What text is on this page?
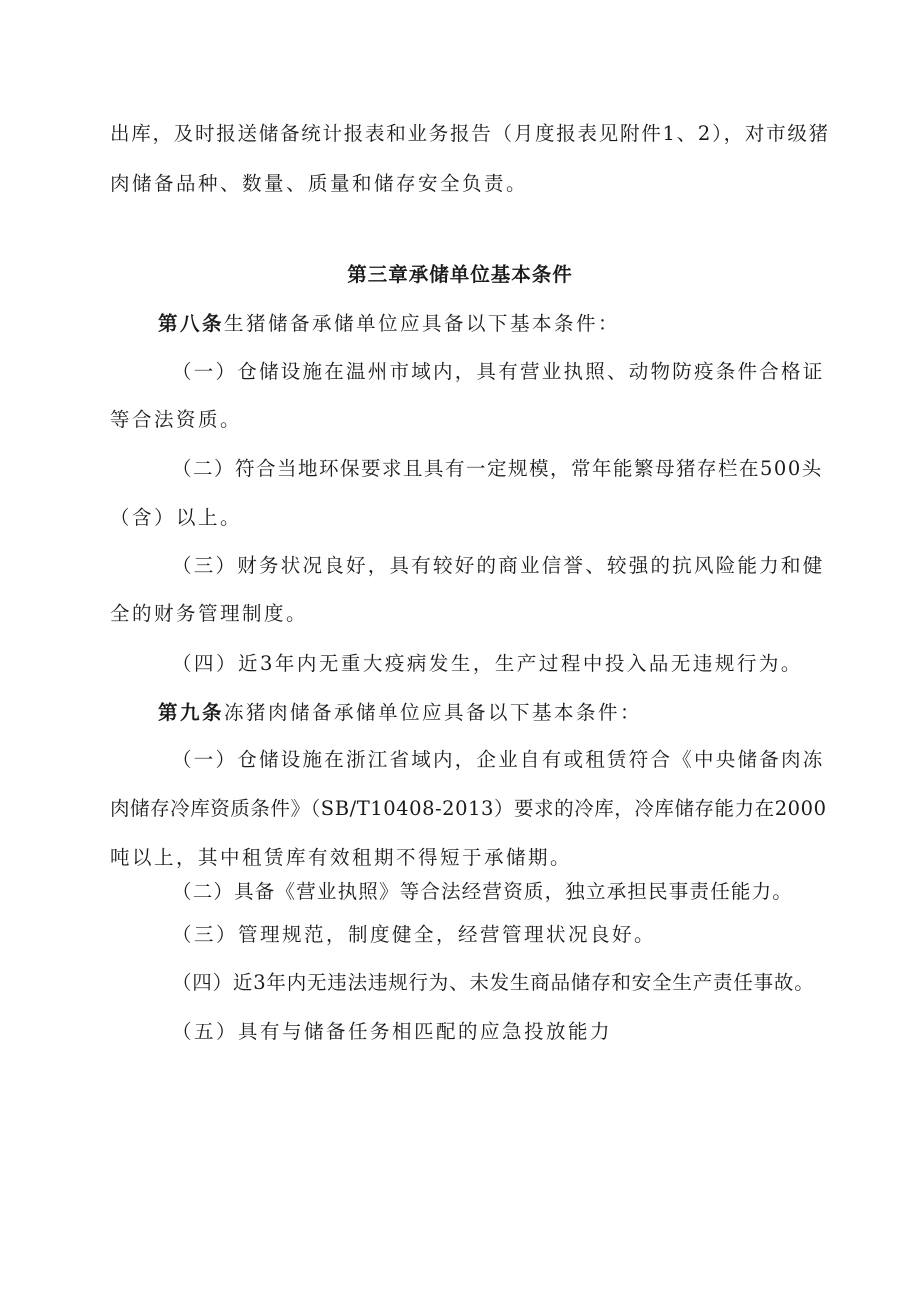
出库，及时报送储备统计报表和业务报告（月度报表见附件1、2），对市级猪
肉储备品种、数量、质量和储存安全负责。
第三章承储单位基本条件
第八条生猪储备承储单位应具备以下基本条件：
（一）仓储设施在温州市域内，具有营业执照、动物防疫条件合格证
等合法资质。
（二）符合当地环保要求且具有一定规模，常年能繁母猪存栏在500头
（含）以上。
（三）财务状况良好，具有较好的商业信誉、较强的抗风险能力和健
全的财务管理制度。
（四）近3年内无重大疫病发生，生产过程中投入品无违规行为。
第九条冻猪肉储备承储单位应具备以下基本条件：
（一）仓储设施在浙江省域内，企业自有或租赁符合《中央储备肉冻
肉储存冷库资质条件》（SB/T10408-2013）要求的冷库，冷库储存能力在2000
吨以上，其中租赁库有效租期不得短于承储期。
（二）具备《营业执照》等合法经营资质，独立承担民事责任能力。
（三）管理规范，制度健全，经营管理状况良好。
（四）近3年内无违法违规行为、未发生商品储存和安全生产责任事故。
（五）具有与储备任务相匹配的应急投放能力
